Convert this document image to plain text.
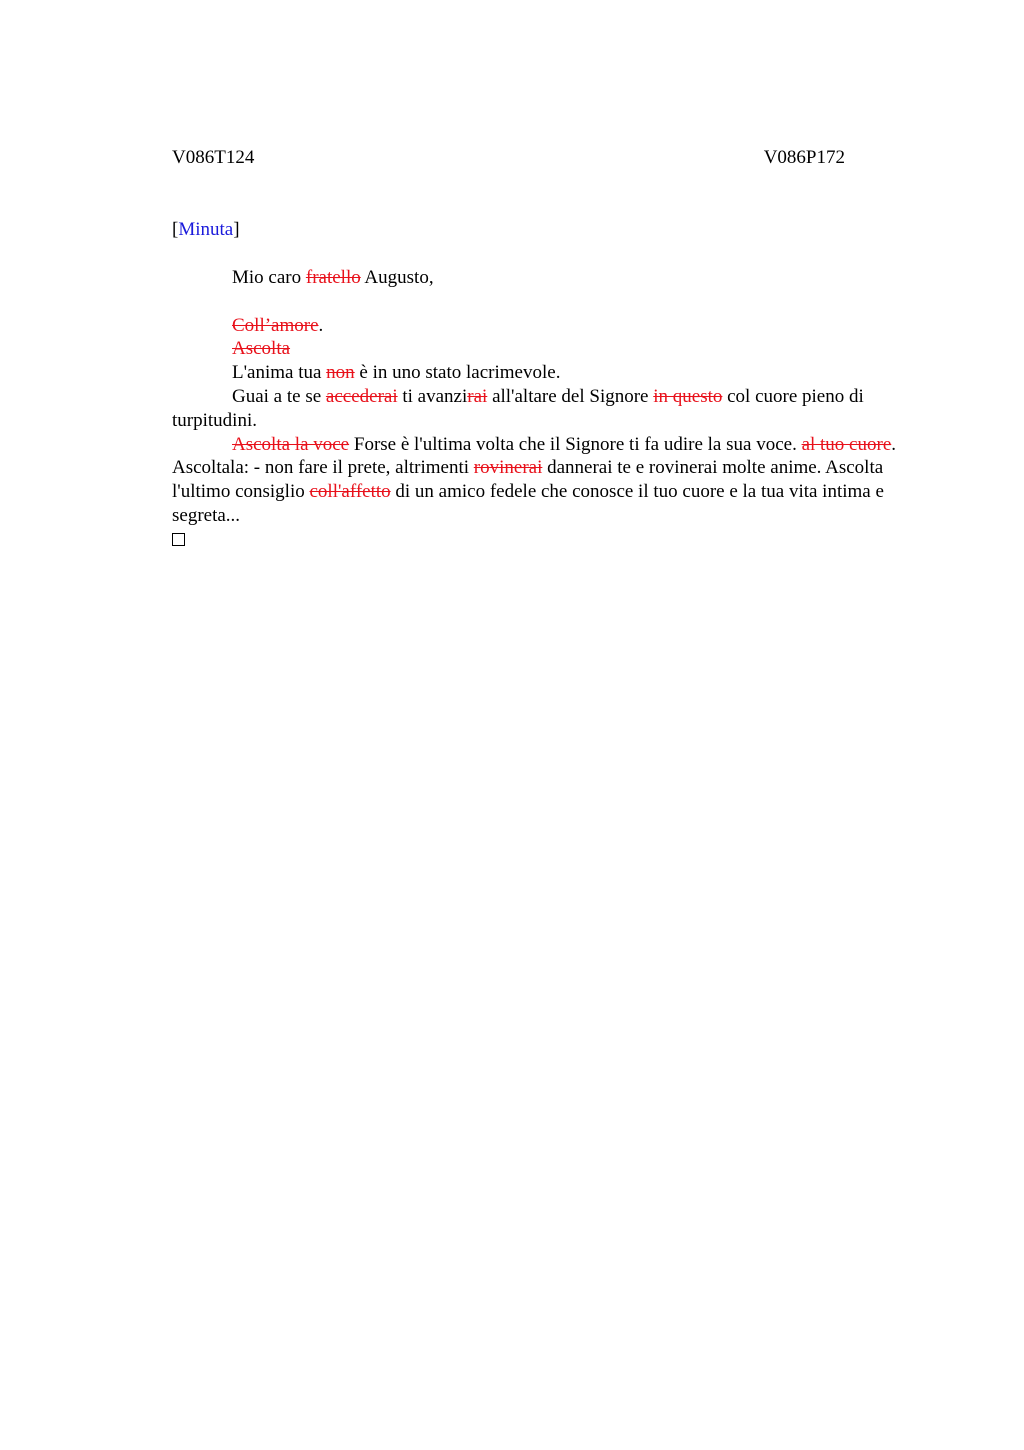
V086T124	V086P172
[Minuta]

Mio caro fratello Augusto,

Coll’amore.

Ascolta

L'anima tua non è in uno stato lacrimevole.

Guai a te se accederai ti avanzirai all'altare del Signore in questo col cuore pieno di turpitudini.

Ascolta la voce Forse è l'ultima volta che il Signore ti fa udire la sua voce. al tuo cuore. Ascoltala: - non fare il prete, altrimenti rovinerai dannerai te e rovinerai molte anime. Ascolta l'ultimo consiglio coll'affetto di un amico fedele che conosce il tuo cuore e la tua vita intima e segreta...
